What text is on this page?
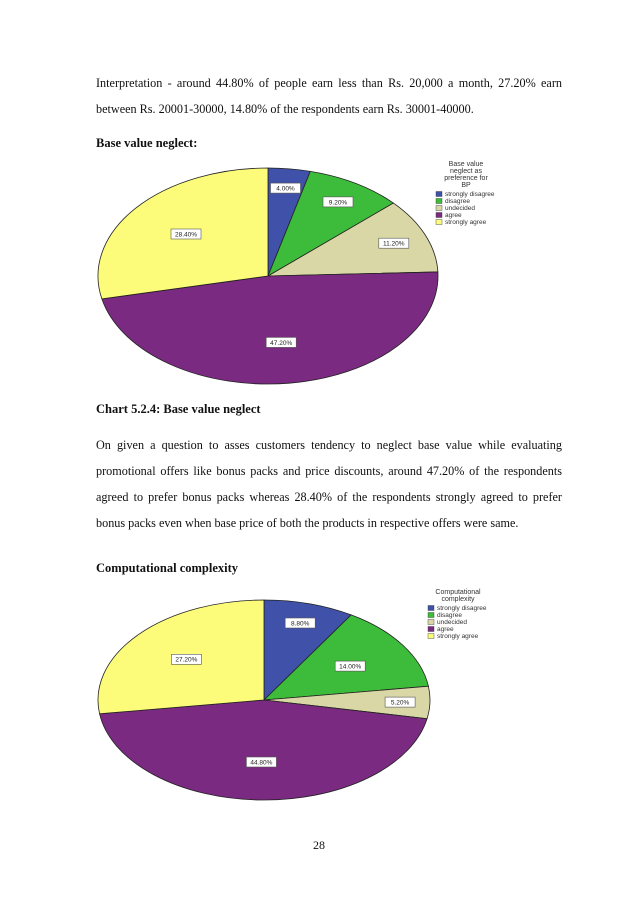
Interpretation - around 44.80% of people earn less than Rs. 20,000 a month, 27.20% earn between Rs. 20001-30000, 14.80% of the respondents earn Rs. 30001-40000.

Base value neglect:

4.00%
9.20%
11.20%
47.20%
28.40%
Base value
neglect as
preference for
BP
strongly disagree
disagree
undecided
agree
strongly agree
8.80%
14.00%
5.20%
44.80%
27.20%
Computational
complexity
strongly disagree
disagree
undecided
agree
strongly agree

Chart 5.2.4: Base value neglect

On given a question to asses customers tendency to neglect base value while evaluating promotional offers like bonus packs and price discounts, around 47.20% of the respondents agreed to prefer bonus packs whereas 28.40% of the respondents strongly agreed to prefer bonus packs even when base price of both the products in respective offers were same.

Computational complexity

28
